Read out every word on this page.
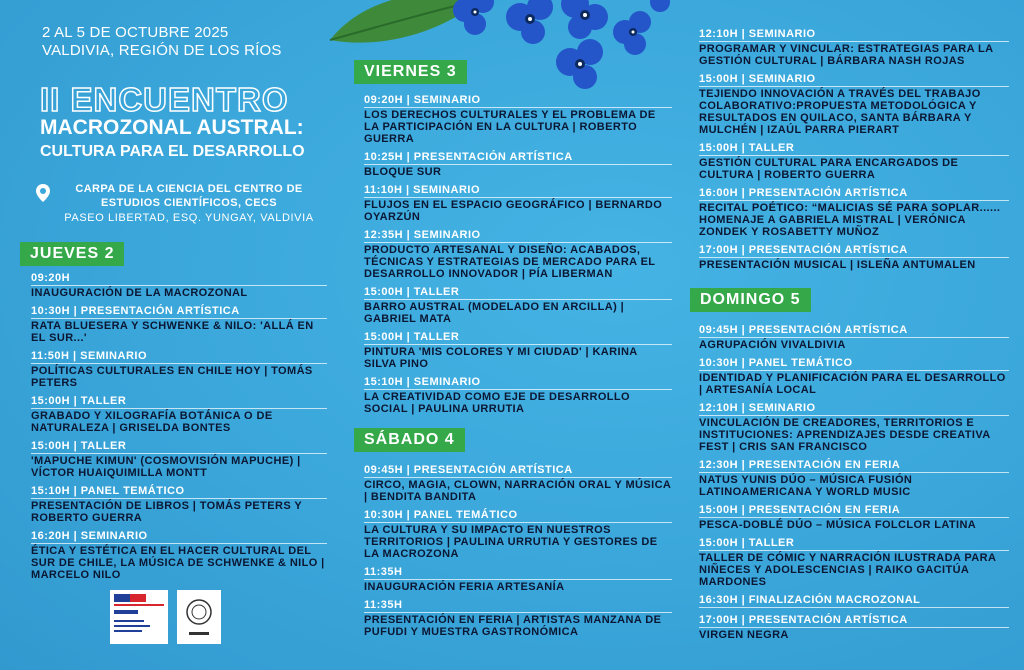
2 AL 5 DE OCTUBRE 2025
VALDIVIA, REGIÓN DE LOS RÍOS
II ENCUENTRO
MACROZONAL AUSTRAL:
CULTURA PARA EL DESARROLLO
CARPA DE LA CIENCIA DEL CENTRO DE
ESTUDIOS CIENTÍFICOS, CECS
PASEO LIBERTAD, ESQ. YUNGAY, VALDIVIA
JUEVES 2
09:20H
INAUGURACIÓN DE LA MACROZONAL
10:30H | PRESENTACIÓN ARTÍSTICA
RATA BLUESERA Y SCHWENKE & NILO: 'ALLÁ EN EL SUR...'
11:50H | SEMINARIO
POLÍTICAS CULTURALES EN CHILE HOY | TOMÁS PETERS
15:00H | TALLER
GRABADO Y XILOGRAFÍA BOTÁNICA O DE NATURALEZA | GRISELDA BONTES
15:00H | TALLER
'MAPUCHE KIMUN' (COSMOVISIÓN MAPUCHE) | VÍCTOR HUAIQUIMILLA MONTT
15:10H | PANEL TEMÁTICO
PRESENTACIÓN DE LIBROS | TOMÁS PETERS Y ROBERTO GUERRA
16:20H | SEMINARIO
ÉTICA Y ESTÉTICA EN EL HACER CULTURAL DEL SUR DE CHILE, LA MÚSICA DE SCHWENKE & NILO | MARCELO NILO
VIERNES 3
09:20H | SEMINARIO
LOS DERECHOS CULTURALES Y EL PROBLEMA DE LA PARTICIPACIÓN EN LA CULTURA | ROBERTO GUERRA
10:25H | PRESENTACIÓN ARTÍSTICA
BLOQUE SUR
11:10H | SEMINARIO
FLUJOS EN EL ESPACIO GEOGRÁFICO | BERNARDO OYARZÚN
12:35H | SEMINARIO
PRODUCTO ARTESANAL Y DISEÑO: ACABADOS, TÉCNICAS Y ESTRATEGIAS DE MERCADO PARA EL DESARROLLO INNOVADOR | PÍA LIBERMAN
15:00H | TALLER
BARRO AUSTRAL (MODELADO EN ARCILLA) | GABRIEL MATA
15:00H | TALLER
PINTURA 'MIS COLORES Y MI CIUDAD' | KARINA SILVA PINO
15:10H | SEMINARIO
LA CREATIVIDAD COMO EJE DE DESARROLLO SOCIAL | PAULINA URRUTIA
SÁBADO 4
09:45H | PRESENTACIÓN ARTÍSTICA
CIRCO, MAGIA, CLOWN, NARRACIÓN ORAL Y MÚSICA | BENDITA BANDITA
10:30H | PANEL TEMÁTICO
LA CULTURA Y SU IMPACTO EN NUESTROS TERRITORIOS | PAULINA URRUTIA Y GESTORES DE LA MACROZONA
11:35H
INAUGURACIÓN FERIA ARTESANÍA
11:35H
PRESENTACIÓN EN FERIA | ARTISTAS MANZANA DE PUFUDI Y MUESTRA GASTRONÓMICA
12:10H | SEMINARIO
PROGRAMAR Y VINCULAR: ESTRATEGIAS PARA LA GESTIÓN CULTURAL | BÁRBARA NASH ROJAS
15:00H | SEMINARIO
TEJIENDO INNOVACIÓN A TRAVÉS DEL TRABAJO COLABORATIVO:PROPUESTA METODOLÓGICA Y RESULTADOS EN QUILACO, SANTA BÁRBARA Y MULCHÉN | IZAÚL PARRA PIERART
15:00H | TALLER
GESTIÓN CULTURAL PARA ENCARGADOS DE CULTURA | ROBERTO GUERRA
16:00H | PRESENTACIÓN ARTÍSTICA
RECITAL POÉTICO: “MALICIAS SÉ PARA SOPLAR...... HOMENAJE A GABRIELA MISTRAL | VERÓNICA ZONDEK Y ROSABETTY MUÑOZ
17:00H | PRESENTACIÓN ARTÍSTICA
PRESENTACIÓN MUSICAL | ISLEÑA ANTUMALEN
DOMINGO 5
09:45H | PRESENTACIÓN ARTÍSTICA
AGRUPACIÓN VIVALDIVIA
10:30H | PANEL TEMÁTICO
IDENTIDAD Y PLANIFICACIÓN PARA EL DESARROLLO | ARTESANÍA LOCAL
12:10H | SEMINARIO
VINCULACIÓN DE CREADORES, TERRITORIOS E INSTITUCIONES: APRENDIZAJES DESDE CREATIVA FEST | CRIS SAN FRANCISCO
12:30H | PRESENTACIÓN EN FERIA
NATUS YUNIS DÚO – MÚSICA FUSIÓN LATINOAMERICANA Y WORLD MUSIC
15:00H | PRESENTACIÓN EN FERIA
PESCA-DOBLÉ DÚO – MÚSICA FOLCLOR LATINA
15:00H | TALLER
TALLER DE CÓMIC Y NARRACIÓN ILUSTRADA PARA NIÑECES Y ADOLESCENCIAS | RAIKO GACITÚA MARDONES
16:30H | FINALIZACIÓN MACROZONAL
17:00H | PRESENTACIÓN ARTÍSTICA
VIRGEN NEGRA
